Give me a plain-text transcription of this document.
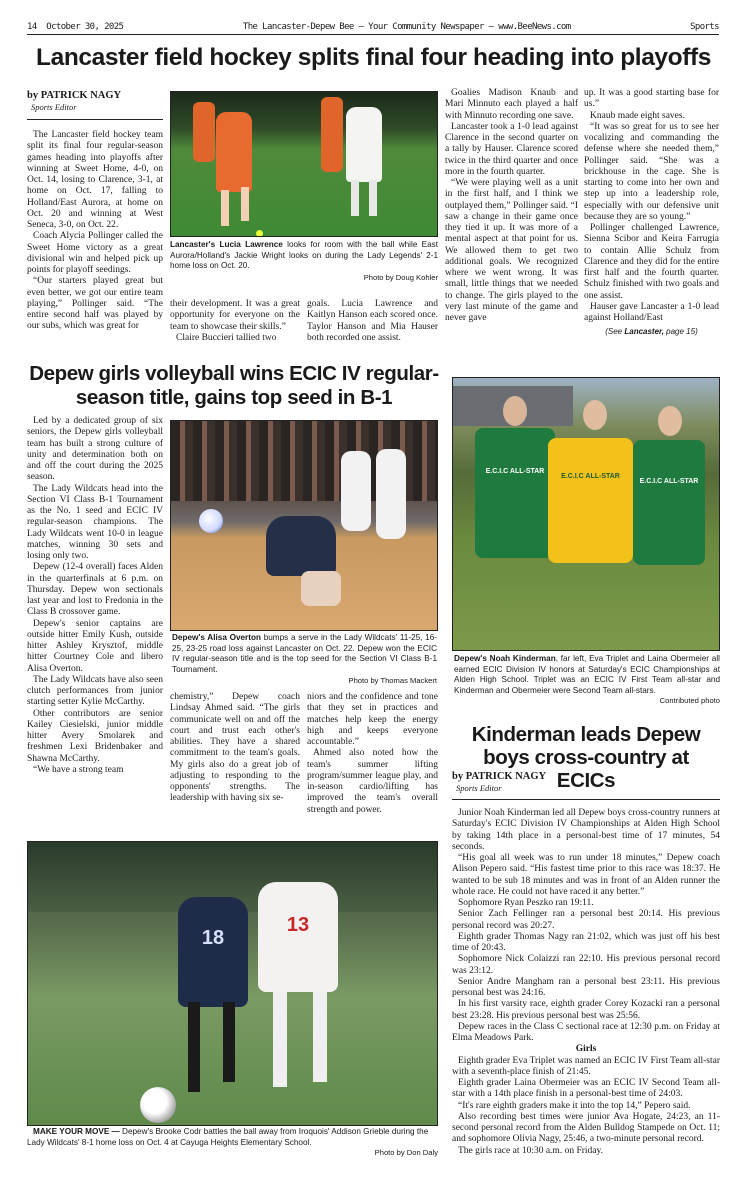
14 October 30, 2025	The Lancaster-Depew Bee – Your Community Newspaper – www.BeeNews.com	Sports
Lancaster field hockey splits final four heading into playoffs
by PATRICK NAGY
Sports Editor

The Lancaster field hockey team split its final four regular-season games heading into playoffs after winning at Sweet Home, 4-0, on Oct. 14, losing to Clarence, 3-1, at home on Oct. 17, falling to Holland/East Aurora, at home on Oct. 20 and winning at West Seneca, 3-0, on Oct. 22.

Coach Alycia Pollinger called the Sweet Home victory as a great divisional win and helped pick up points for playoff seedings.

“Our starters played great but even better, we got our entire team playing,” Pollinger said. “The entire second half was played by our subs, which was great for

Lancaster's Lucia Lawrence looks for room with the ball while East Aurora/Holland's Jackie Wright looks on during the Lady Legends' 2-1 home loss on Oct. 20.
Photo by Doug Kohler

their development. It was a great opportunity for everyone on the team to showcase their skills.”

Claire Buccieri tallied two

goals. Lucia Lawrence and Kaitlyn Hanson each scored once. Taylor Hanson and Mia Hauser both recorded one assist.

Goalies Madison Knaub and Mari Minnuto each played a half with Minnuto recording one save.

Lancaster took a 1-0 lead against Clarence in the second quarter on a tally by Hauser. Clarence scored twice in the third quarter and once more in the fourth quarter.

“We were playing well as a unit in the first half, and I think we outplayed them,” Pollinger said. “I saw a change in their game once they tied it up. It was more of a mental aspect at that point for us. We allowed them to get two additional goals. We recognized where we went wrong. It was small, little things that we needed to change. The girls played to the very last minute of the game and never gave

up. It was a good starting base for us.”

Knaub made eight saves.

“It was so great for us to see her vocalizing and commanding the defense where she needed them,” Pollinger said. “She was a brickhouse in the cage. She is starting to come into her own and step up into a leadership role, especially with our defensive unit because they are so young.”

Pollinger challenged Lawrence, Sienna Scibor and Keira Farrugia to contain Allie Schulz from Clarence and they did for the entire first half and the fourth quarter. Schulz finished with two goals and one assist.

Hauser gave Lancaster a 1-0 lead against Holland/East

(See Lancaster, page 15)
Depew girls volleyball wins ECIC IV regular-season title, gains top seed in B-1

Led by a dedicated group of six seniors, the Depew girls volleyball team has built a strong culture of unity and determination both on and off the court during the 2025 season.

The Lady Wildcats head into the Section VI Class B-1 Tournament as the No. 1 seed and ECIC IV regular-season champions. The Lady Wildcats went 10-0 in league matches, winning 30 sets and losing only two.

Depew (12-4 overall) faces Alden in the quarterfinals at 6 p.m. on Thursday. Depew won sectionals last year and lost to Fredonia in the Class B crossover game.

Depew's senior captains are outside hitter Emily Kush, outside hitter Ashley Krysztof, middle hitter Courtney Cole and libero Alisa Overton.

The Lady Wildcats have also seen clutch performances from junior starting setter Kylie McCarthy.

Other contributors are senior Kailey Ciesielski, junior middle hitter Avery Smolarek and freshmen Lexi Bridenbaker and Shawna McCarthy.

“We have a strong team

Depew's Alisa Overton bumps a serve in the Lady Wildcats' 11-25, 16-25, 23-25 road loss against Lancaster on Oct. 22. Depew won the ECIC IV regular-season title and is the top seed for the Section VI Class B-1 Tournament.
Photo by Thomas Mackert

chemistry,” Depew coach Lindsay Ahmed said. “The girls communicate well on and off the court and trust each other's abilities. They have a shared commitment to the team's goals. My girls also do a great job of adjusting to responding to the opponents' strengths. The leadership with having six se-

niors and the confidence and tone that they set in practices and matches help keep the energy high and keeps everyone accountable.”

Ahmed also noted how the team's summer lifting program/summer league play, and in-season cardio/lifting has improved the team's overall strength and power.

E.C.I.C ALL-STAR
E.C.I.C ALL-STAR
E.C.I.C ALL-STAR
Depew's Noah Kinderman, far left, Eva Triplet and Laina Obermeier all earned ECIC Division IV honors at Saturday's ECIC Championships at Alden High School. Triplet was an ECIC IV First Team all-star and Kinderman and Obermeier were Second Team all-stars.
Contributed photo
Kinderman leads Depew boys cross-country at ECICs
by PATRICK NAGY
Sports Editor

Junior Noah Kinderman led all Depew boys cross-country runners at Saturday's ECIC Division IV Championships at Alden High School by taking 14th place in a personal-best time of 17 minutes, 54 seconds.

“His goal all week was to run under 18 minutes,” Depew coach Alison Pepero said. “His fastest time prior to this race was 18:37. He wanted to be sub 18 minutes and was in front of an Alden runner the whole race. He could not have raced it any better.”

Sophomore Ryan Peszko ran 19:11.

Senior Zach Fellinger ran a personal best 20:14. His previous personal record was 20:27.

Eighth grader Thomas Nagy ran 21:02, which was just off his best time of 20:43.

Sophomore Nick Colaizzi ran 22:10. His previous personal record was 23:12.

Senior Andre Mangham ran a personal best 23:11. His previous personal best was 24:16.

In his first varsity race, eighth grader Corey Kozacki ran a personal best 23:28. His previous personal best was 25:56.

Depew races in the Class C sectional race at 12:30 p.m. on Friday at Elma Meadows Park.

Girls

Eighth grader Eva Triplet was named an ECIC IV First Team all-star with a seventh-place finish of 21:45.

Eighth grader Laina Obermeier was an ECIC IV Second Team all-star with a 14th place finish in a personal-best time of 24:03.

“It's rare eighth graders make it into the top 14,” Pepero said.

Also recording best times were junior Ava Hogate, 24:23, an 11-second personal record from the Alden Bulldog Stampede on Oct. 11; and sophomore Olivia Nagy, 25:46, a two-minute personal record.

The girls race at 10:30 a.m. on Friday.

18
13
MAKE YOUR MOVE — Depew's Brooke Codr battles the ball away from Iroquois' Addison Grieble during the Lady Wildcats' 8-1 home loss on Oct. 4 at Cayuga Heights Elementary School.
Photo by Don Daly
